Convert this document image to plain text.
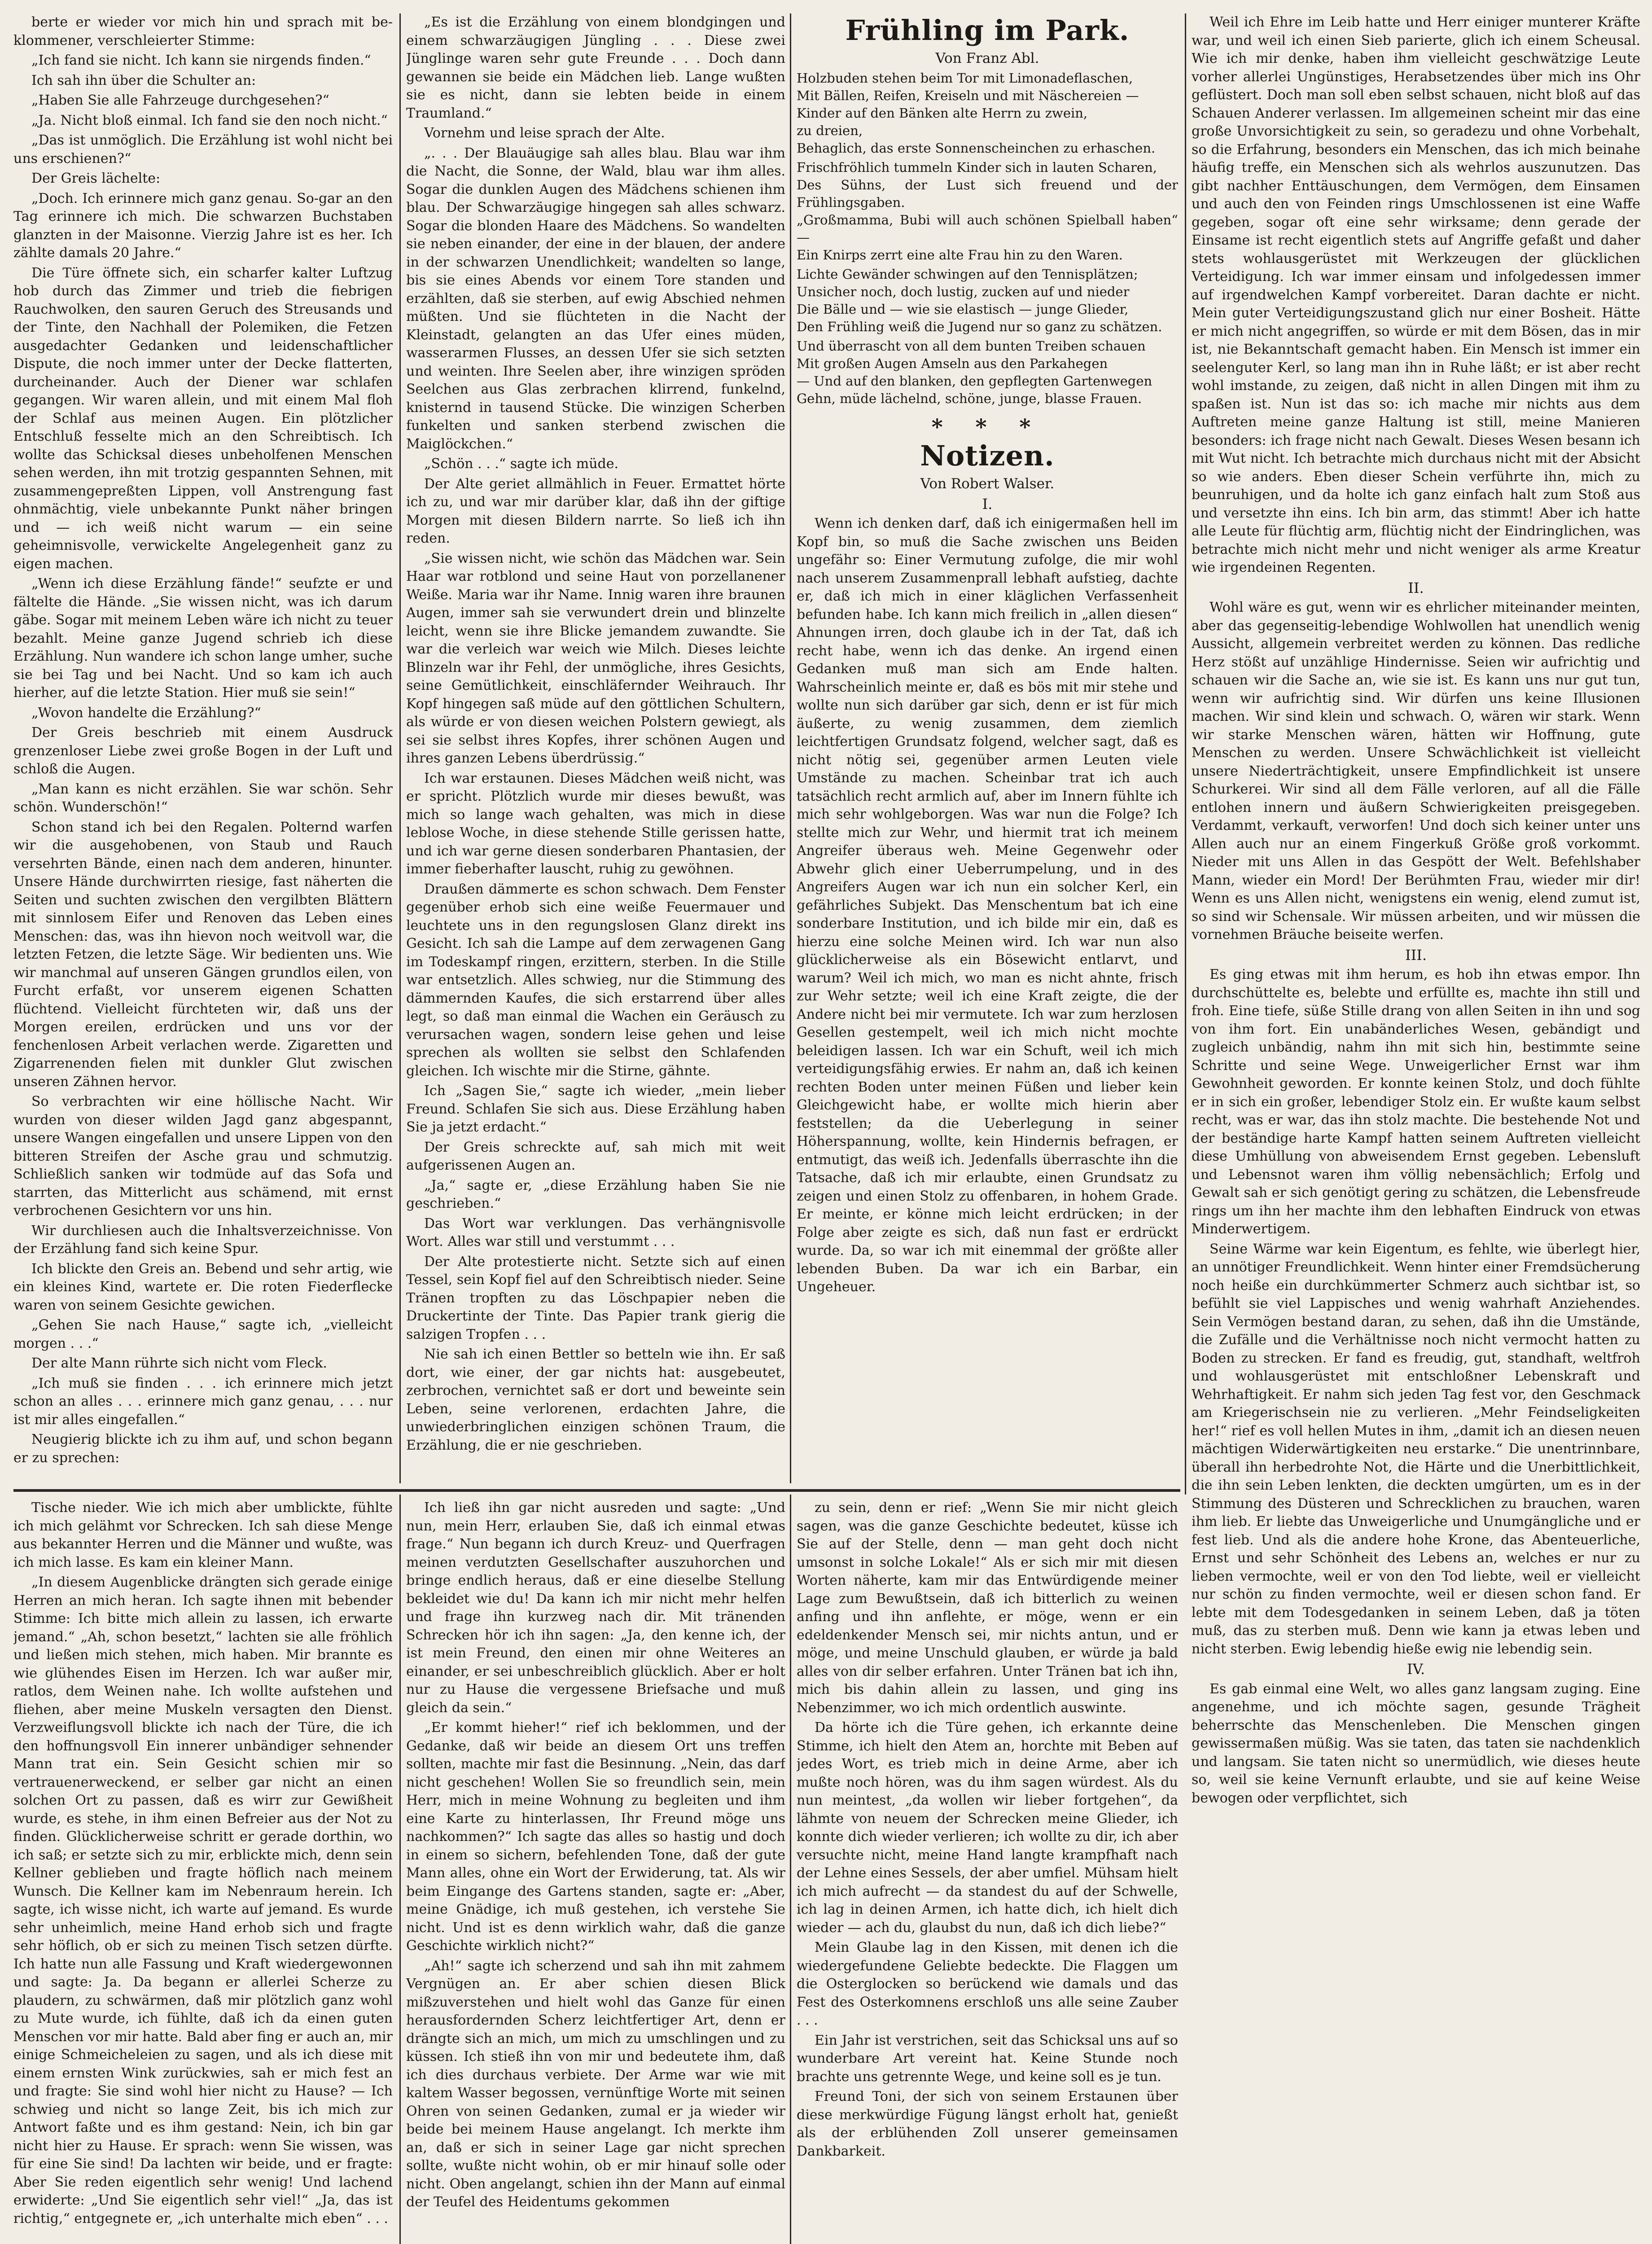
berte er wieder vor mich hin und sprach mit be-klommener, verschleierter Stimme:

„Ich fand sie nicht. Ich kann sie nirgends finden.“

Ich sah ihn über die Schulter an:

„Haben Sie alle Fahrzeuge durchgesehen?“

„Ja. Nicht bloß einmal. Ich fand sie den noch nicht.“

„Das ist unmöglich. Die Erzählung ist wohl nicht bei uns erschienen?“

Der Greis lächelte:

„Doch. Ich erinnere mich ganz genau. So-gar an den Tag erinnere ich mich. Die schwarzen Buchstaben glanzten in der Maisonne. Vierzig Jahre ist es her. Ich zählte damals 20 Jahre.“

Die Türe öffnete sich, ein scharfer kalter Luftzug hob durch das Zimmer und trieb die fiebrigen Rauchwolken, den sauren Geruch des Streusands und der Tinte, den Nachhall der Polemiken, die Fetzen ausgedachter Gedanken und leidenschaftlicher Dispute, die noch immer unter der Decke flatterten, durcheinander. Auch der Diener war schlafen gegangen. Wir waren allein, und mit einem Mal floh der Schlaf aus meinen Augen. Ein plötzlicher Entschluß fesselte mich an den Schreibtisch. Ich wollte das Schicksal dieses unbeholfenen Menschen sehen werden, ihn mit trotzig gespannten Sehnen, mit zusammengepreßten Lippen, voll Anstrengung fast ohnmächtig, viele unbekannte Punkt näher bringen und — ich weiß nicht warum — ein seine geheimnisvolle, verwickelte Angelegenheit ganz zu eigen machen.

„Wenn ich diese Erzählung fände!“ seufzte er und fältelte die Hände. „Sie wissen nicht, was ich darum gäbe. Sogar mit meinem Leben wäre ich nicht zu teuer bezahlt. Meine ganze Jugend schrieb ich diese Erzählung. Nun wandere ich schon lange umher, suche sie bei Tag und bei Nacht. Und so kam ich auch hierher, auf die letzte Station. Hier muß sie sein!“

„Wovon handelte die Erzählung?“

Der Greis beschrieb mit einem Ausdruck grenzenloser Liebe zwei große Bogen in der Luft und schloß die Augen.

„Man kann es nicht erzählen. Sie war schön. Sehr schön. Wunderschön!“

Schon stand ich bei den Regalen. Polternd warfen wir die ausgehobenen, von Staub und Rauch versehrten Bände, einen nach dem anderen, hinunter. Unsere Hände durchwirrten riesige, fast näherten die Seiten und suchten zwischen den vergilbten Blättern mit sinnlosem Eifer und Renoven das Leben eines Menschen: das, was ihn hievon noch weitvoll war, die letzten Fetzen, die letzte Säge. Wir bedienten uns. Wie wir manchmal auf unseren Gängen grundlos eilen, von Furcht erfaßt, vor unserem eigenen Schatten flüchtend. Vielleicht fürchteten wir, daß uns der Morgen ereilen, erdrücken und uns vor der fenchenlosen Arbeit verlachen werde. Zigaretten und Zigarrenenden fielen mit dunkler Glut zwischen unseren Zähnen hervor.

So verbrachten wir eine höllische Nacht. Wir wurden von dieser wilden Jagd ganz abgespannt, unsere Wangen eingefallen und unsere Lippen von den bitteren Streifen der Asche grau und schmutzig. Schließlich sanken wir todmüde auf das Sofa und starrten, das Mitterlicht aus schämend, mit ernst verbrochenen Gesichtern vor uns hin.

Wir durchliesen auch die Inhaltsverzeichnisse. Von der Erzählung fand sich keine Spur.

Ich blickte den Greis an. Bebend und sehr artig, wie ein kleines Kind, wartete er. Die roten Fiederflecke waren von seinem Gesichte gewichen.

„Gehen Sie nach Hause,“ sagte ich, „vielleicht morgen . . .“

Der alte Mann rührte sich nicht vom Fleck.

„Ich muß sie finden . . . ich erinnere mich jetzt schon an alles . . . erinnere mich ganz genau, . . . nur ist mir alles eingefallen.“

Neugierig blickte ich zu ihm auf, und schon begann er zu sprechen:

„Es ist die Erzählung von einem blondgingen und einem schwarzäugigen Jüngling . . . Diese zwei Jünglinge waren sehr gute Freunde . . . Doch dann gewannen sie beide ein Mädchen lieb. Lange wußten sie es nicht, dann sie lebten beide in einem Traumland.“

Vornehm und leise sprach der Alte.

„. . . Der Blauäugige sah alles blau. Blau war ihm die Nacht, die Sonne, der Wald, blau war ihm alles. Sogar die dunklen Augen des Mädchens schienen ihm blau. Der Schwarzäugige hingegen sah alles schwarz. Sogar die blonden Haare des Mädchens. So wandelten sie neben einander, der eine in der blauen, der andere in der schwarzen Unendlichkeit; wandelten so lange, bis sie eines Abends vor einem Tore standen und erzählten, daß sie sterben, auf ewig Abschied nehmen müßten. Und sie flüchteten in die Nacht der Kleinstadt, gelangten an das Ufer eines müden, wasserarmen Flusses, an dessen Ufer sie sich setzten und weinten. Ihre Seelen aber, ihre winzigen spröden Seelchen aus Glas zerbrachen klirrend, funkelnd, knisternd in tausend Stücke. Die winzigen Scherben funkelten und sanken sterbend zwischen die Maiglöckchen.“

„Schön . . .“ sagte ich müde.

Der Alte geriet allmählich in Feuer. Ermattet hörte ich zu, und war mir darüber klar, daß ihn der giftige Morgen mit diesen Bildern narrte. So ließ ich ihn reden.

„Sie wissen nicht, wie schön das Mädchen war. Sein Haar war rotblond und seine Haut von porzellanener Weiße. Maria war ihr Name. Innig waren ihre braunen Augen, immer sah sie verwundert drein und blinzelte leicht, wenn sie ihre Blicke jemandem zuwandte. Sie war die verleich war weich wie Milch. Dieses leichte Blinzeln war ihr Fehl, der unmögliche, ihres Gesichts, seine Gemütlichkeit, einschläfernder Weihrauch. Ihr Kopf hingegen saß müde auf den göttlichen Schultern, als würde er von diesen weichen Polstern gewiegt, als sei sie selbst ihres Kopfes, ihrer schönen Augen und ihres ganzen Lebens überdrüssig.“

Ich war erstaunen. Dieses Mädchen weiß nicht, was er spricht. Plötzlich wurde mir dieses bewußt, was mich so lange wach gehalten, was mich in diese leblose Woche, in diese stehende Stille gerissen hatte, und ich war gerne diesen sonderbaren Phantasien, der immer fieberhafter lauscht, ruhig zu gewöhnen.

Draußen dämmerte es schon schwach. Dem Fenster gegenüber erhob sich eine weiße Feuermauer und leuchtete uns in den regungslosen Glanz direkt ins Gesicht. Ich sah die Lampe auf dem zerwagenen Gang im Todeskampf ringen, erzittern, sterben. In die Stille war entsetzlich. Alles schwieg, nur die Stimmung des dämmernden Kaufes, die sich erstarrend über alles legt, so daß man einmal die Wachen ein Geräusch zu verursachen wagen, sondern leise gehen und leise sprechen als wollten sie selbst den Schlafenden gleichen. Ich wischte mir die Stirne, gähnte.

Ich „Sagen Sie,“ sagte ich wieder, „mein lieber Freund. Schlafen Sie sich aus. Diese Erzählung haben Sie ja jetzt erdacht.“

Der Greis schreckte auf, sah mich mit weit aufgerissenen Augen an.

„Ja,“ sagte er, „diese Erzählung haben Sie nie geschrieben.“

Das Wort war verklungen. Das verhängnisvolle Wort. Alles war still und verstummt . . .

Der Alte protestierte nicht. Setzte sich auf einen Tessel, sein Kopf fiel auf den Schreibtisch nieder. Seine Tränen tropften zu das Löschpapier neben die Druckertinte der Tinte. Das Papier trank gierig die salzigen Tropfen . . .

Nie sah ich einen Bettler so betteln wie ihn. Er saß dort, wie einer, der gar nichts hat: ausgebeutet, zerbrochen, vernichtet saß er dort und beweinte sein Leben, seine verlorenen, erdachten Jahre, die unwiederbringlichen einzigen schönen Traum, die Erzählung, die er nie geschrieben.

Frühling im Park.

Von Franz Abl.

Holzbuden stehen beim Tor mit Limonadeflaschen,
Mit Bällen, Reifen, Kreiseln und mit Näschereien —
Kinder auf den Bänken alte Herrn zu zwein,
zu dreien,
Behaglich, das erste Sonnenscheinchen zu erhaschen.

Frischfröhlich tummeln Kinder sich in lauten Scharen,
Des Sühns, der Lust sich freuend und der Frühlingsgaben.
„Großmamma, Bubi will auch schönen Spielball haben“ —
Ein Knirps zerrt eine alte Frau hin zu den Waren.

Lichte Gewänder schwingen auf den Tennisplätzen;
Unsicher noch, doch lustig, zucken auf und nieder
Die Bälle und — wie sie elastisch — junge Glieder,
Den Frühling weiß die Jugend nur so ganz zu schätzen.

Und überrascht von all dem bunten Treiben schauen
Mit großen Augen Amseln aus den Parkahegen
— Und auf den blanken, den gepflegten Gartenwegen
Gehn, müde lächelnd, schöne, junge, blasse Frauen.

* * *

Notizen.

Von Robert Walser.

I.

Wenn ich denken darf, daß ich einigermaßen hell im Kopf bin, so muß die Sache zwischen uns Beiden ungefähr so: Einer Vermutung zufolge, die mir wohl nach unserem Zusammenprall lebhaft aufstieg, dachte er, daß ich mich in einer kläglichen Verfassenheit befunden habe. Ich kann mich freilich in „allen diesen“ Ahnungen irren, doch glaube ich in der Tat, daß ich recht habe, wenn ich das denke. An irgend einen Gedanken muß man sich am Ende halten. Wahrscheinlich meinte er, daß es bös mit mir stehe und wollte nun sich darüber gar sich, denn er ist für mich äußerte, zu wenig zusammen, dem ziemlich leichtfertigen Grundsatz folgend, welcher sagt, daß es nicht nötig sei, gegenüber armen Leuten viele Umstände zu machen. Scheinbar trat ich auch tatsächlich recht armlich auf, aber im Innern fühlte ich mich sehr wohlgeborgen. Was war nun die Folge? Ich stellte mich zur Wehr, und hiermit trat ich meinem Angreifer überaus weh. Meine Gegenwehr oder Abwehr glich einer Ueberrumpelung, und in des Angreifers Augen war ich nun ein solcher Kerl, ein gefährliches Subjekt. Das Menschentum bat ich eine sonderbare Institution, und ich bilde mir ein, daß es hierzu eine solche Meinen wird. Ich war nun also glücklicherweise als ein Bösewicht entlarvt, und warum? Weil ich mich, wo man es nicht ahnte, frisch zur Wehr setzte; weil ich eine Kraft zeigte, die der Andere nicht bei mir vermutete. Ich war zum herzlosen Gesellen gestempelt, weil ich mich nicht mochte beleidigen lassen. Ich war ein Schuft, weil ich mich verteidigungsfähig erwies. Er nahm an, daß ich keinen rechten Boden unter meinen Füßen und lieber kein Gleichgewicht habe, er wollte mich hierin aber feststellen; da die Ueberlegung in seiner Höherspannung, wollte, kein Hindernis befragen, er entmutigt, das weiß ich. Jedenfalls überraschte ihn die Tatsache, daß ich mir erlaubte, einen Grundsatz zu zeigen und einen Stolz zu offenbaren, in hohem Grade. Er meinte, er könne mich leicht erdrücken; in der Folge aber zeigte es sich, daß nun fast er erdrückt wurde. Da, so war ich mit einemmal der größte aller lebenden Buben. Da war ich ein Barbar, ein Ungeheuer.

Weil ich Ehre im Leib hatte und Herr einiger munterer Kräfte war, und weil ich einen Sieb parierte, glich ich einem Scheusal. Wie ich mir denke, haben ihm vielleicht geschwätzige Leute vorher allerlei Ungünstiges, Herabsetzendes über mich ins Ohr geflüstert. Doch man soll eben selbst schauen, nicht bloß auf das Schauen Anderer verlassen. Im allgemeinen scheint mir das eine große Unvorsichtigkeit zu sein, so geradezu und ohne Vorbehalt, so die Erfahrung, besonders ein Menschen, das ich mich beinahe häufig treffe, ein Menschen sich als wehrlos auszunutzen. Das gibt nachher Enttäuschungen, dem Vermögen, dem Einsamen und auch den von Feinden rings Umschlossenen ist eine Waffe gegeben, sogar oft eine sehr wirksame; denn gerade der Einsame ist recht eigentlich stets auf Angriffe gefaßt und daher stets wohlausgerüstet mit Werkzeugen der glücklichen Verteidigung. Ich war immer einsam und infolgedessen immer auf irgendwelchen Kampf vorbereitet. Daran dachte er nicht. Mein guter Verteidigungszustand glich nur einer Bosheit. Hätte er mich nicht angegriffen, so würde er mit dem Bösen, das in mir ist, nie Bekanntschaft gemacht haben. Ein Mensch ist immer ein seelenguter Kerl, so lang man ihn in Ruhe läßt; er ist aber recht wohl imstande, zu zeigen, daß nicht in allen Dingen mit ihm zu spaßen ist. Nun ist das so: ich mache mir nichts aus dem Auftreten meine ganze Haltung ist still, meine Manieren besonders: ich frage nicht nach Gewalt. Dieses Wesen besann ich mit Wut nicht. Ich betrachte mich durchaus nicht mit der Absicht so wie anders. Eben dieser Schein verführte ihn, mich zu beunruhigen, und da holte ich ganz einfach halt zum Stoß aus und versetzte ihn eins. Ich bin arm, das stimmt! Aber ich hatte alle Leute für flüchtig arm, flüchtig nicht der Eindringlichen, was betrachte mich nicht mehr und nicht weniger als arme Kreatur wie irgendeinen Regenten.

II.

Wohl wäre es gut, wenn wir es ehrlicher miteinander meinten, aber das gegenseitig-lebendige Wohlwollen hat unendlich wenig Aussicht, allgemein verbreitet werden zu können. Das redliche Herz stößt auf unzählige Hindernisse. Seien wir aufrichtig und schauen wir die Sache an, wie sie ist. Es kann uns nur gut tun, wenn wir aufrichtig sind. Wir dürfen uns keine Illusionen machen. Wir sind klein und schwach. O, wären wir stark. Wenn wir starke Menschen wären, hätten wir Hoffnung, gute Menschen zu werden. Unsere Schwächlichkeit ist vielleicht unsere Niederträchtigkeit, unsere Empfindlichkeit ist unsere Schurkerei. Wir sind all dem Fälle verloren, auf all die Fälle entlohen innern und äußern Schwierigkeiten preisgegeben. Verdammt, verkauft, verworfen! Und doch sich keiner unter uns Allen auch nur an einem Fingerkuß Größe groß vorkommt. Nieder mit uns Allen in das Gespött der Welt. Befehlshaber Mann, wieder ein Mord! Der Berühmten Frau, wieder mir dir! Wenn es uns Allen nicht, wenigstens ein wenig, elend zumut ist, so sind wir Schensale. Wir müssen arbeiten, und wir müssen die vornehmen Bräuche beiseite werfen.

III.

Es ging etwas mit ihm herum, es hob ihn etwas empor. Ihn durchschüttelte es, belebte und erfüllte es, machte ihn still und froh. Eine tiefe, süße Stille drang von allen Seiten in ihn und sog von ihm fort. Ein unabänderliches Wesen, gebändigt und zugleich unbändig, nahm ihn mit sich hin, bestimmte seine Schritte und seine Wege. Unweigerlicher Ernst war ihm Gewohnheit geworden. Er konnte keinen Stolz, und doch fühlte er in sich ein großer, lebendiger Stolz ein. Er wußte kaum selbst recht, was er war, das ihn stolz machte. Die bestehende Not und der beständige harte Kampf hatten seinem Auftreten vielleicht diese Umhüllung von abweisendem Ernst gegeben. Lebensluft und Lebensnot waren ihm völlig nebensächlich; Erfolg und Gewalt sah er sich genötigt gering zu schätzen, die Lebensfreude rings um ihn her machte ihm den lebhaften Eindruck von etwas Minderwertigem.

Seine Wärme war kein Eigentum, es fehlte, wie überlegt hier, an unnötiger Freundlichkeit. Wenn hinter einer Fremdsücherung noch heiße ein durchkümmerter Schmerz auch sichtbar ist, so befühlt sie viel Lappisches und wenig wahrhaft Anziehendes. Sein Vermögen bestand daran, zu sehen, daß ihn die Umstände, die Zufälle und die Verhältnisse noch nicht vermocht hatten zu Boden zu strecken. Er fand es freudig, gut, standhaft, weltfroh und wohlausgerüstet mit entschloßner Lebenskraft und Wehrhaftigkeit. Er nahm sich jeden Tag fest vor, den Geschmack am Kriegerischsein nie zu verlieren. „Mehr Feindseligkeiten her!“ rief es voll hellen Mutes in ihm, „damit ich an diesen neuen mächtigen Widerwärtigkeiten neu erstarke.“ Die unentrinnbare, überall ihn herbedrohte Not, die Härte und die Unerbittlichkeit, die ihn sein Leben lenkten, die deckten umgürten, um es in der Stimmung des Düsteren und Schrecklichen zu brauchen, waren ihm lieb. Er liebte das Unweigerliche und Unumgängliche und er fest lieb. Und als die andere hohe Krone, das Abenteuerliche, Ernst und sehr Schönheit des Lebens an, welches er nur zu lieben vermochte, weil er von den Tod liebte, weil er vielleicht nur schön zu finden vermochte, weil er diesen schon fand. Er lebte mit dem Todesgedanken in seinem Leben, daß ja töten muß, das zu sterben muß. Denn wie kann ja etwas leben und nicht sterben. Ewig lebendig hieße ewig nie lebendig sein.

IV.

Es gab einmal eine Welt, wo alles ganz langsam zuging. Eine angenehme, und ich möchte sagen, gesunde Trägheit beherrschte das Menschenleben. Die Menschen gingen gewissermaßen müßig. Was sie taten, das taten sie nachdenklich und langsam. Sie taten nicht so unermüdlich, wie dieses heute so, weil sie keine Vernunft erlaubte, und sie auf keine Weise bewogen oder verpflichtet, sich

Tische nieder. Wie ich mich aber umblickte, fühlte ich mich gelähmt vor Schrecken. Ich sah diese Menge aus bekannter Herren und die Männer und wußte, was ich mich lasse. Es kam ein kleiner Mann.

„In diesem Augenblicke drängten sich gerade einige Herren an mich heran. Ich sagte ihnen mit bebender Stimme: Ich bitte mich allein zu lassen, ich erwarte jemand.“ „Ah, schon besetzt,“ lachten sie alle fröhlich und ließen mich stehen, mich haben. Mir brannte es wie glühendes Eisen im Herzen. Ich war außer mir, ratlos, dem Weinen nahe. Ich wollte aufstehen und fliehen, aber meine Muskeln versagten den Dienst. Verzweiflungsvoll blickte ich nach der Türe, die ich den hoffnungsvoll Ein innerer unbändiger sehnender Mann trat ein. Sein Gesicht schien mir so vertrauenerweckend, er selber gar nicht an einen solchen Ort zu passen, daß es wirr zur Gewißheit wurde, es stehe, in ihm einen Befreier aus der Not zu finden. Glücklicherweise schritt er gerade dorthin, wo ich saß; er setzte sich zu mir, erblickte mich, denn sein Kellner geblieben und fragte höflich nach meinem Wunsch. Die Kellner kam im Nebenraum herein. Ich sagte, ich wisse nicht, ich warte auf jemand. Es wurde sehr unheimlich, meine Hand erhob sich und fragte sehr höflich, ob er sich zu meinen Tisch setzen dürfte. Ich hatte nun alle Fassung und Kraft wiedergewonnen und sagte: Ja. Da begann er allerlei Scherze zu plaudern, zu schwärmen, daß mir plötzlich ganz wohl zu Mute wurde, ich fühlte, daß ich da einen guten Menschen vor mir hatte. Bald aber fing er auch an, mir einige Schmeicheleien zu sagen, und als ich diese mit einem ernsten Wink zurückwies, sah er mich fest an und fragte: Sie sind wohl hier nicht zu Hause? — Ich schwieg und nicht so lange Zeit, bis ich mich zur Antwort faßte und es ihm gestand: Nein, ich bin gar nicht hier zu Hause. Er sprach: wenn Sie wissen, was für eine Sie sind! Da lachten wir beide, und er fragte: Aber Sie reden eigentlich sehr wenig! Und lachend erwiderte: „Und Sie eigentlich sehr viel!“ „Ja, das ist richtig,“ entgegnete er, „ich unterhalte mich eben“ . . .

Ich ließ ihn gar nicht ausreden und sagte: „Und nun, mein Herr, erlauben Sie, daß ich einmal etwas frage.“ Nun begann ich durch Kreuz- und Querfragen meinen verdutzten Gesellschafter auszuhorchen und bringe endlich heraus, daß er eine dieselbe Stellung bekleidet wie du! Da kann ich mir nicht mehr helfen und frage ihn kurzweg nach dir. Mit tränenden Schrecken hör ich ihn sagen: „Ja, den kenne ich, der ist mein Freund, den einen mir ohne Weiteres an einander, er sei unbeschreiblich glücklich. Aber er holt nur zu Hause die vergessene Briefsache und muß gleich da sein.“

„Er kommt hieher!“ rief ich beklommen, und der Gedanke, daß wir beide an diesem Ort uns treffen sollten, machte mir fast die Besinnung. „Nein, das darf nicht geschehen! Wollen Sie so freundlich sein, mein Herr, mich in meine Wohnung zu begleiten und ihm eine Karte zu hinterlassen, Ihr Freund möge uns nachkommen?“ Ich sagte das alles so hastig und doch in einem so sichern, befehlenden Tone, daß der gute Mann alles, ohne ein Wort der Erwiderung, tat. Als wir beim Eingange des Gartens standen, sagte er: „Aber, meine Gnädige, ich muß gestehen, ich verstehe Sie nicht. Und ist es denn wirklich wahr, daß die ganze Geschichte wirklich nicht?“

„Ah!“ sagte ich scherzend und sah ihn mit zahmem Vergnügen an. Er aber schien diesen Blick mißzuverstehen und hielt wohl das Ganze für einen herausfordernden Scherz leichtfertiger Art, denn er drängte sich an mich, um mich zu umschlingen und zu küssen. Ich stieß ihn von mir und bedeutete ihm, daß ich dies durchaus verbiete. Der Arme war wie mit kaltem Wasser begossen, vernünftige Worte mit seinen Ohren von seinen Gedanken, zumal er ja wieder wir beide bei meinem Hause angelangt. Ich merkte ihm an, daß er sich in seiner Lage gar nicht sprechen sollte, wußte nicht wohin, ob er mir hinauf solle oder nicht. Oben angelangt, schien ihn der Mann auf einmal der Teufel des Heidentums gekommen

zu sein, denn er rief: „Wenn Sie mir nicht gleich sagen, was die ganze Geschichte bedeutet, küsse ich Sie auf der Stelle, denn — man geht doch nicht umsonst in solche Lokale!“ Als er sich mir mit diesen Worten näherte, kam mir das Entwürdigende meiner Lage zum Bewußtsein, daß ich bitterlich zu weinen anfing und ihn anflehte, er möge, wenn er ein edeldenkender Mensch sei, mir nichts antun, und er möge, und meine Unschuld glauben, er würde ja bald alles von dir selber erfahren. Unter Tränen bat ich ihn, mich bis dahin allein zu lassen, und ging ins Nebenzimmer, wo ich mich ordentlich auswinte.

Da hörte ich die Türe gehen, ich erkannte deine Stimme, ich hielt den Atem an, horchte mit Beben auf jedes Wort, es trieb mich in deine Arme, aber ich mußte noch hören, was du ihm sagen würdest. Als du nun meintest, „da wollen wir lieber fortgehen“, da lähmte von neuem der Schrecken meine Glieder, ich konnte dich wieder verlieren; ich wollte zu dir, ich aber versuchte nicht, meine Hand langte krampfhaft nach der Lehne eines Sessels, der aber umfiel. Mühsam hielt ich mich aufrecht — da standest du auf der Schwelle, ich lag in deinen Armen, ich hatte dich, ich hielt dich wieder — ach du, glaubst du nun, daß ich dich liebe?“

Mein Glaube lag in den Kissen, mit denen ich die wiedergefundene Geliebte bedeckte. Die Flaggen um die Osterglocken so berückend wie damals und das Fest des Osterkomnens erschloß uns alle seine Zauber . . .

Ein Jahr ist verstrichen, seit das Schicksal uns auf so wunderbare Art vereint hat. Keine Stunde noch brachte uns getrennte Wege, und keine soll es je tun.

Freund Toni, der sich von seinem Erstaunen über diese merkwürdige Fügung längst erholt hat, genießt als der erblühenden Zoll unserer gemeinsamen Dankbarkeit.
